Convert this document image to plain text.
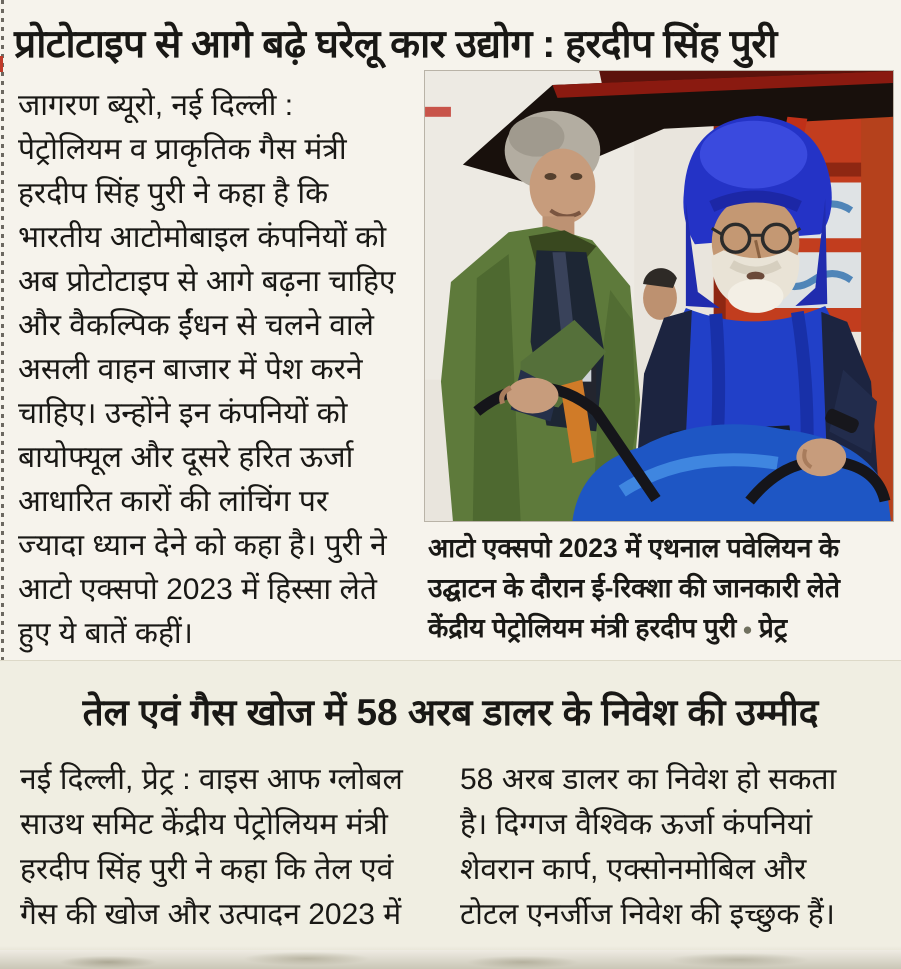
प्रोटोटाइप से आगे बढ़े घरेलू कार उद्योग : हरदीप सिंह पुरी
जागरण ब्यूरो, नई दिल्ली :
पेट्रोलियम व प्राकृतिक गैस मंत्री
हरदीप सिंह पुरी ने कहा है कि
भारतीय आटोमोबाइल कंपनियों को
अब प्रोटोटाइप से आगे बढ़ना चाहिए
और वैकल्पिक ईंधन से चलने वाले
असली वाहन बाजार में पेश करने
चाहिए। उन्होंने इन कंपनियों को
बायोफ्यूल और दूसरे हरित ऊर्जा
आधारित कारों की लांचिंग पर
ज्यादा ध्यान देने को कहा है। पुरी ने
आटो एक्सपो 2023 में हिस्सा लेते
हुए ये बातें कहीं।
आटो एक्सपो 2023 में एथनाल पवेलियन के
उद्घाटन के दौरान ई-रिक्शा की जानकारी लेते
केंद्रीय पेट्रोलियम मंत्री हरदीप पुरी ● प्रेट्र
तेल एवं गैस खोज में 58 अरब डालर के निवेश की उम्मीद
नई दिल्ली, प्रेट्र : वाइस आफ ग्लोबल
साउथ समिट केंद्रीय पेट्रोलियम मंत्री
हरदीप सिंह पुरी ने कहा कि तेल एवं
गैस की खोज और उत्पादन 2023 में
58 अरब डालर का निवेश हो सकता
है। दिग्गज वैश्विक ऊर्जा कंपनियां
शेवरान कार्प, एक्सोनमोबिल और
टोटल एनर्जीज निवेश की इच्छुक हैं।
